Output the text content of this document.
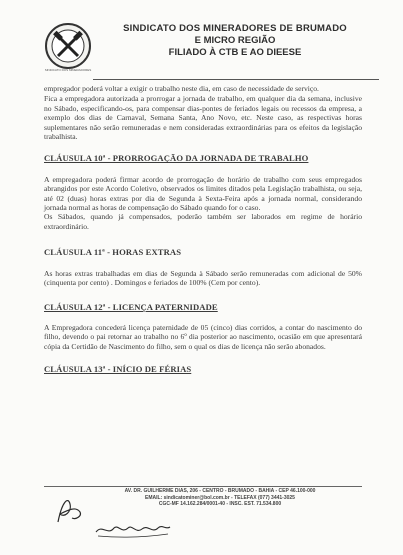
SINDICATO DOS MINERADORES
SINDICATO DOS MINERADORES DE BRUMADO
E MICRO REGIÃO
FILIADO À CTB E AO DIEESE

empregador poderá voltar a exigir o trabalho neste dia, em caso de necessidade de serviço.

Fica a empregadora autorizada a prorrogar a jornada de trabalho, em qualquer dia da semana, inclusive no Sábado, especificando-os, para compensar dias-pontes de feriados legais ou recessos da empresa, a exemplo dos dias de Carnaval, Semana Santa, Ano Novo, etc. Neste caso, as respectivas horas suplementares não serão remuneradas e nem consideradas extraordinárias para os efeitos da legislação trabalhista.

CLÁUSULA 10ª - PRORROGAÇÃO DA JORNADA DE TRABALHO

A empregadora poderá firmar acordo de prorrogação de horário de trabalho com seus empregados abrangidos por este Acordo Coletivo, observados os limites ditados pela Legislação trabalhista, ou seja, até 02 (duas) horas extras por dia de Segunda à Sexta-Feira após a jornada normal, considerando jornada normal as horas de compensação do Sábado quando for o caso.

Os Sábados, quando já compensados, poderão também ser laborados em regime de horário extraordinário.

CLÁUSULA 11ª - HORAS EXTRAS

As horas extras trabalhadas em dias de Segunda à Sábado serão remuneradas com adicional de 50% (cinquenta por cento) . Domingos e feriados de 100% (Cem por cento).

CLÁUSULA 12ª - LICENÇA PATERNIDADE

A Empregadora concederá licença paternidade de 05 (cinco) dias corridos, a contar do nascimento do filho, devendo o pai retornar ao trabalho no 6º dia posterior ao nascimento, ocasião em que apresentará cópia da Certidão de Nascimento do filho, sem o qual os dias de licença não serão abonados.

CLÁUSULA 13ª - INÍCIO DE FÉRIAS

AV. DR. GUILHERME DIAS, 206 - CENTRO - BRUMADO - BAHIA - CEP 46.100-000
EMAIL: sindicatominer@bol.com.br - TELEFAX (077) 3441-3025
CGC-MF 14.162.284/0001-40 - INSC. EST. 71.534.800
